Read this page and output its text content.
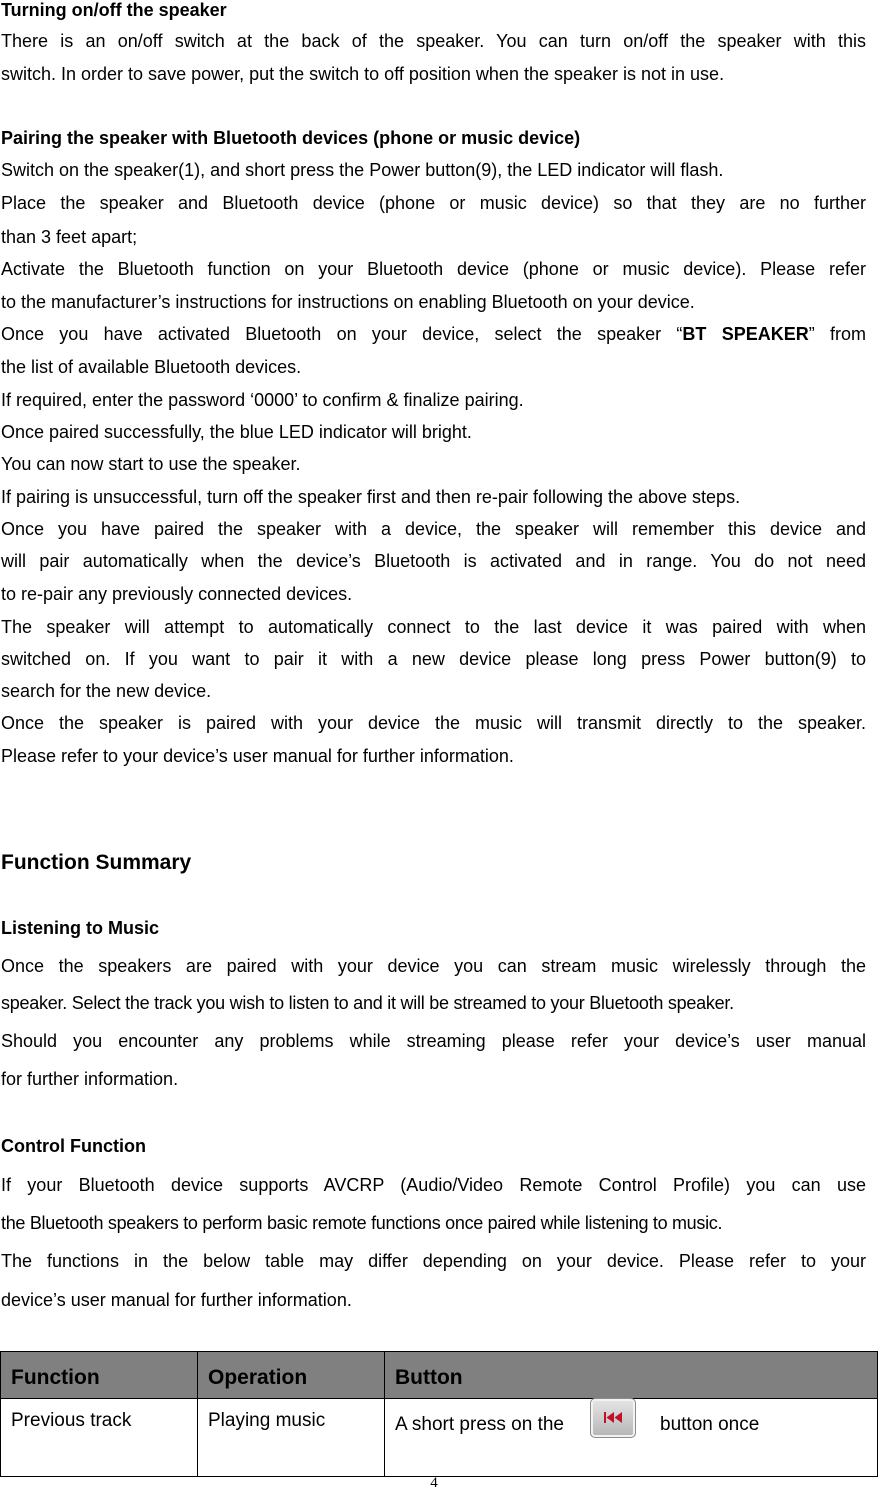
Turning on/off the speaker
There is an on/off switch at the back of the speaker. You can turn on/off the speaker with this
switch. In order to save power, put the switch to off position when the speaker is not in use.
Pairing the speaker with Bluetooth devices (phone or music device)
Switch on the speaker(1), and short press the Power button(9), the LED indicator will flash.
Place the speaker and Bluetooth device (phone or music device) so that they are no further
than 3 feet apart;
Activate the Bluetooth function on your Bluetooth device (phone or music device). Please refer
to the manufacturer’s instructions for instructions on enabling Bluetooth on your device.
Once you have activated Bluetooth on your device, select the speaker “BT SPEAKER” from
the list of available Bluetooth devices.
If required, enter the password ‘0000’ to confirm & finalize pairing.
Once paired successfully, the blue LED indicator will bright.
You can now start to use the speaker.
If pairing is unsuccessful, turn off the speaker first and then re-pair following the above steps.
Once you have paired the speaker with a device, the speaker will remember this device and
will pair automatically when the device’s Bluetooth is activated and in range. You do not need
to re-pair any previously connected devices.
The speaker will attempt to automatically connect to the last device it was paired with when
switched on. If you want to pair it with a new device please long press Power button(9) to
search for the new device.
Once the speaker is paired with your device the music will transmit directly to the speaker.
Please refer to your device’s user manual for further information.
Function Summary
Listening to Music
Once the speakers are paired with your device you can stream music wirelessly through the
speaker. Select the track you wish to listen to and it will be streamed to your Bluetooth speaker.
Should you encounter any problems while streaming please refer your device’s user manual
for further information.
Control Function
If your Bluetooth device supports AVCRP (Audio/Video Remote Control Profile) you can use
the Bluetooth speakers to perform basic remote functions once paired while listening to music.
The functions in the below table may differ depending on your device. Please refer to your
device’s user manual for further information.
Function	Operation	Button
Previous track	Playing music	A short press on the button once
4
